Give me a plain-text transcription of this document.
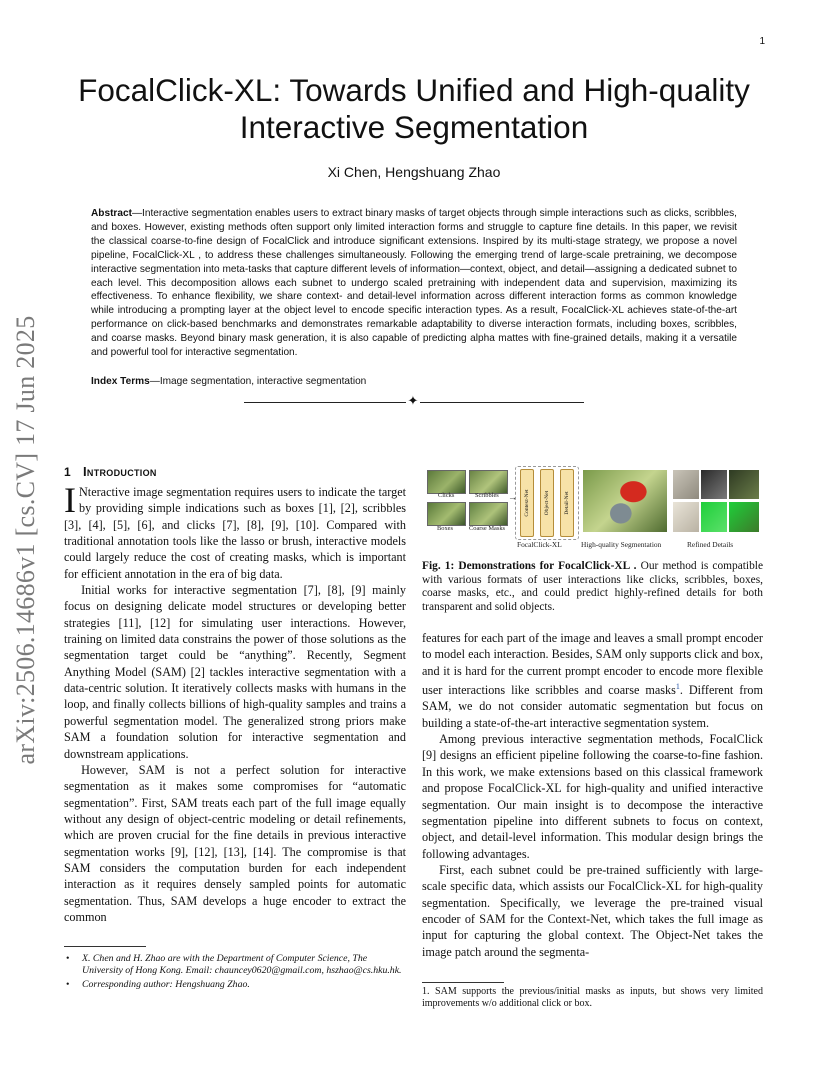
1
arXiv:2506.14686v1 [cs.CV] 17 Jun 2025
FocalClick-XL: Towards Unified and High-quality
Interactive Segmentation
Xi Chen, Hengshuang Zhao
Abstract—Interactive segmentation enables users to extract binary masks of target objects through simple interactions such as clicks, scribbles, and boxes. However, existing methods often support only limited interaction forms and struggle to capture fine details. In this paper, we revisit the classical coarse-to-fine design of FocalClick and introduce significant extensions. Inspired by its multi-stage strategy, we propose a novel pipeline, FocalClick-XL , to address these challenges simultaneously. Following the emerging trend of large-scale pretraining, we decompose interactive segmentation into meta-tasks that capture different levels of information—context, object, and detail—assigning a dedicated subnet to each level. This decomposition allows each subnet to undergo scaled pretraining with independent data and supervision, maximizing its effectiveness. To enhance flexibility, we share context- and detail-level information across different interaction forms as common knowledge while introducing a prompting layer at the object level to encode specific interaction types. As a result, FocalClick-XL achieves state-of-the-art performance on click-based benchmarks and demonstrates remarkable adaptability to diverse interaction formats, including boxes, scribbles, and coarse masks. Beyond binary mask generation, it is also capable of predicting alpha mattes with fine-grained details, making it a versatile and powerful tool for interactive segmentation.
Index Terms—Image segmentation, interactive segmentation
✦
1 Introduction

I Nteractive image segmentation requires users to indicate the target by providing simple indications such as boxes [1], [2], scribbles [3], [4], [5], [6], and clicks [7], [8], [9], [10]. Compared with traditional annotation tools like the lasso or brush, interactive models could largely reduce the cost of creating masks, which is important for efficient annotation in the era of big data.

Initial works for interactive segmentation [7], [8], [9] mainly focus on designing delicate model structures or developing better strategies [11], [12] for simulating user interactions. However, training on limited data constrains the power of those solutions as the segmentation target could be “anything”. Recently, Segment Anything Model (SAM) [2] tackles interactive segmentation with a data-centric solution. It iteratively collects masks with humans in the loop, and finally collects billions of high-quality samples and trains a powerful segmentation model. The generalized strong priors make SAM a foundation solution for interactive segmentation and downstream applications.

However, SAM is not a perfect solution for interactive segmentation as it makes some compromises for “automatic segmentation”. First, SAM treats each part of the full image equally without any design of object-centric modeling or detail refinements, which are proven crucial for the fine details in previous interactive segmentation works [9], [12], [13], [14]. The compromise is that SAM considers the computation burden for each independent interaction as it requires densely sampled points for automatic segmentation. Thus, SAM develops a huge encoder to extract the common

• X. Chen and H. Zhao are with the Department of Computer Science, The University of Hong Kong. Email: chauncey0620@gmail.com, hszhao@cs.hku.hk.
• Corresponding author: Hengshuang Zhao.
Clicks	Scribbles
Boxes	Coarse Masks
→ Context-Net	Object-Net	Detail-Net
FocalClick-XL	High-quality Segmentation	Refined Details
Fig. 1: Demonstrations for FocalClick-XL . Our method is compatible with various formats of user interactions like clicks, scribbles, boxes, coarse masks, etc., and could predict highly-refined details for both transparent and solid objects.

features for each part of the image and leaves a small prompt encoder to model each interaction. Besides, SAM only supports click and box, and it is hard for the current prompt encoder to encode more flexible user interactions like scribbles and coarse masks$^1$. Different from SAM, we do not consider automatic segmentation but focus on building a state-of-the-art interactive segmentation system.

Among previous interactive segmentation methods, FocalClick [9] designs an efficient pipeline following the coarse-to-fine fashion. In this work, we make extensions based on this classical framework and propose FocalClick-XL for high-quality and unified interactive segmentation. Our main insight is to decompose the interactive segmentation pipeline into different subnets to focus on context, object, and detail-level information. This modular design brings the following advantages.

First, each subnet could be pre-trained sufficiently with large-scale specific data, which assists our FocalClick-XL for high-quality segmentation. Specifically, we leverage the pre-trained visual encoder of SAM for the Context-Net, which takes the full image as input for capturing the global context. The Object-Net takes the image patch around the segmenta-

1. SAM supports the previous/initial masks as inputs, but shows very limited improvements w/o additional click or box.
